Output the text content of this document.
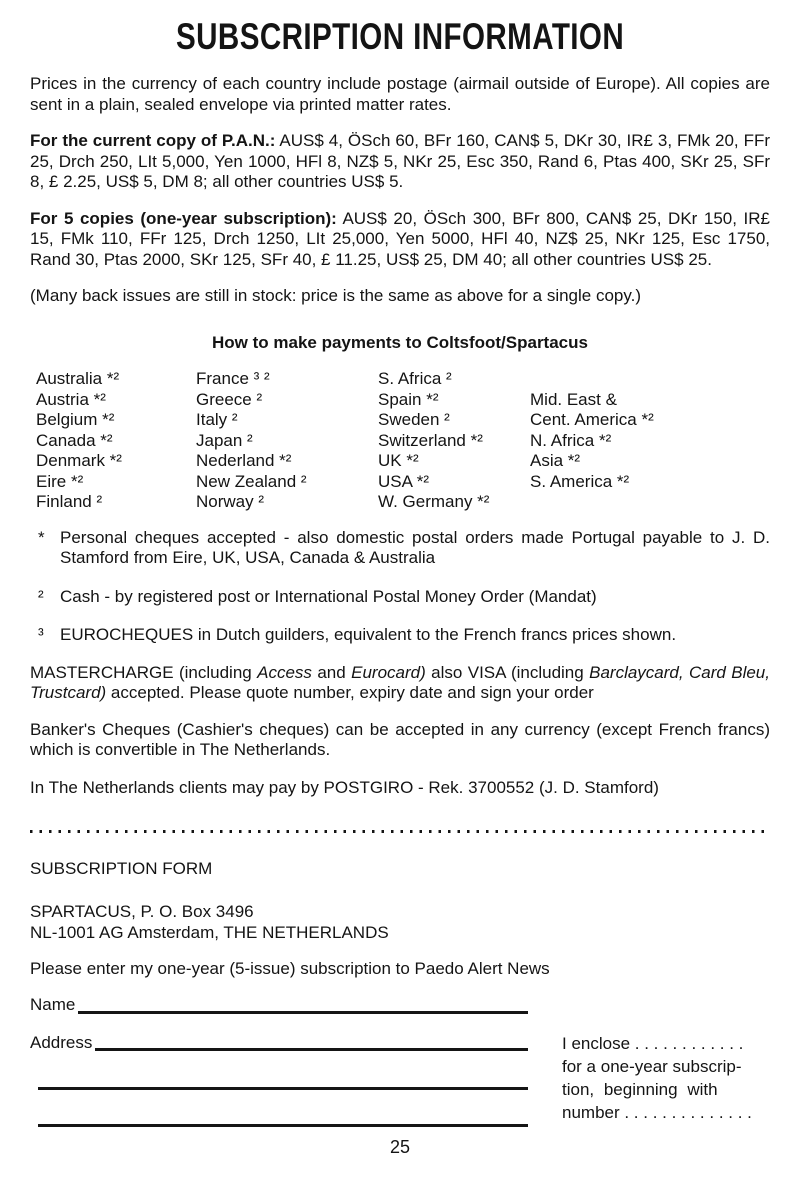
SUBSCRIPTION INFORMATION

Prices in the currency of each country include postage (airmail outside of Europe). All copies are sent in a plain, sealed envelope via printed matter rates.

For the current copy of P.A.N.: AUS$ 4, ÖSch 60, BFr 160, CAN$ 5, DKr 30, IR£ 3, FMk 20, FFr 25, Drch 250, LIt 5,000, Yen 1000, HFl 8, NZ$ 5, NKr 25, Esc 350, Rand 6, Ptas 400, SKr 25, SFr 8, £ 2.25, US$ 5, DM 8; all other countries US$ 5.

For 5 copies (one-year subscription): AUS$ 20, ÖSch 300, BFr 800, CAN$ 25, DKr 150, IR£ 15, FMk 110, FFr 125, Drch 1250, LIt 25,000, Yen 5000, HFl 40, NZ$ 25, NKr 125, Esc 1750, Rand 30, Ptas 2000, SKr 125, SFr 40, £ 11.25, US$ 25, DM 40; all other countries US$ 25.

(Many back issues are still in stock: price is the same as above for a single copy.)

How to make payments to Coltsfoot/Spartacus
Australia *²
Austria *²
Belgium *²
Canada *²
Denmark *²
Eire *²
Finland ²
France ³ ²
Greece ²
Italy ²
Japan ²
Nederland *²
New Zealand ²
Norway ²
S. Africa ²
Spain *²
Sweden ²
Switzerland *²
UK *²
USA *²
W. Germany *²
Mid. East &
Cent. America *²
N. Africa *²
Asia *²
S. America *²
* Personal cheques accepted - also domestic postal orders made Portugal payable to J. D. Stamford from Eire, UK, USA, Canada & Australia
² Cash - by registered post or International Postal Money Order (Mandat)
³ EUROCHEQUES in Dutch guilders, equivalent to the French francs prices shown.

MASTERCHARGE (including Access and Eurocard) also VISA (including Barclaycard, Card Bleu, Trustcard) accepted. Please quote number, expiry date and sign your order

Banker's Cheques (Cashier's cheques) can be accepted in any currency (except French francs) which is convertible in The Netherlands.

In The Netherlands clients may pay by POSTGIRO - Rek. 3700552 (J. D. Stamford)

SUBSCRIPTION FORM
SPARTACUS, P. O. Box 3496
NL-1001 AG Amsterdam, THE NETHERLANDS

Please enter my one-year (5-issue) subscription to Paedo Alert News

Name
Address	I enclose . . . . . . . . . . . .
for a one-year subscrip-
tion, beginning with
number . . . . . . . . . . . . . .
25
